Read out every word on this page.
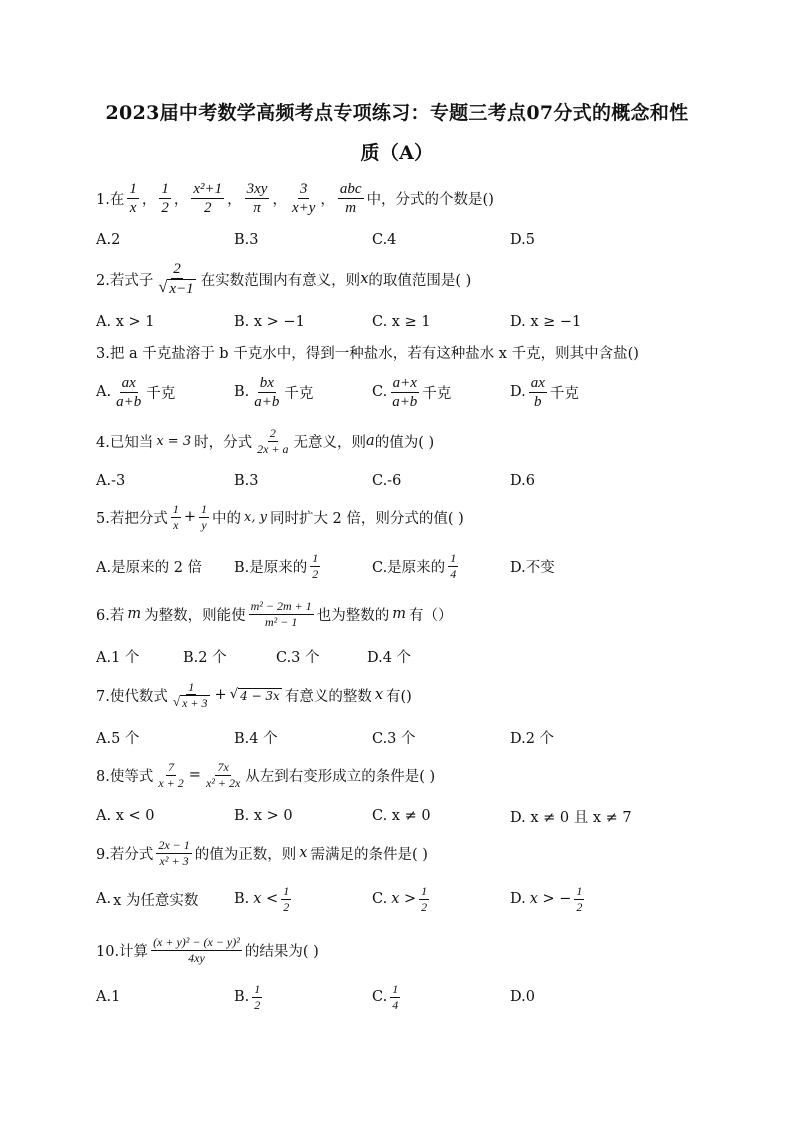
2023届中考数学高频考点专项练习：专题三考点07分式的概念和性
质（A）
1.在 $\frac{1}{x}$ ， $\frac{1}{2}$ ， $\frac{\text{x²+1}}{2}$ ， $\frac{3xy}{\pi}$ ， $\frac{3}{x+y}$ ， $\frac{\text{abc}}{m}$ 中，分式的个数是()
A.2	B.3	C.4	D.5
2.若式子 $\frac{2}{√ x-1}$ 在实数范围内有意义，则 x 的取值范围是( )
A. x > 1	B. x > −1	C. x ≥ 1	D. x ≥ −1
3.把 a 千克盐溶于 b 千克水中，得到一种盐水，若有这种盐水 x 千克，则其中含盐()
A. $\frac{ax}{a+b}$ 千克	B. $\frac{bx}{a+b}$ 千克	C. $\frac{a+x}{a+b}$ 千克	D. $\frac{ax}{b}$ 千克
4.已知当 x = 3 时，分式 $\frac{2}{2x + a}$ 无意义，则 a 的值为( )
A.-3	B.3	C.-6	D.6
5.若把分式 $\frac{1}{x} + \frac{1}{y}$ 中的 x, y 同时扩大 2 倍，则分式的值( )
A.是原来的 2 倍 B.是原来的 $\frac{1}{2}$	C.是原来的 $\frac{1}{4}$	D.不变
6.若 m 为整数，则能使 $\frac{\text{m² − 2m + 1}}{\text{m² − 1}}$ 也为整数的 m 有（）
A.1 个	B.2 个	C.3 个	D.4 个
7.使代数式 $\frac{1}{√ x + 3}$ + √ 4 − 3x 有意义的整数 x 有()
A.5 个	B.4 个	C.3 个	D.2 个
8.使等式 $\frac{7}{x + 2} = \frac{7x}{\text{x² + 2x}}$ 从左到右变形成立的条件是( )
A. x < 0	B. x > 0	C. x ≠ 0	D. x ≠ 0 且 x ≠ 7
9.若分式 $\frac{2x - 1}{\text{x² + 3}}$ 的值为正数，则 x 需满足的条件是( )
A. x 为任意实数 B. $x < \frac{1}{2}$	C. $x > \frac{1}{2}$	D. x > − $\frac{1}{2}$
10.计算 $\frac{\text{(x + y)² − (x − y)²}}{4xy}$ 的结果为( )
A.1	B. $\frac{1}{2}$	C. $\frac{1}{4}$	D.0
